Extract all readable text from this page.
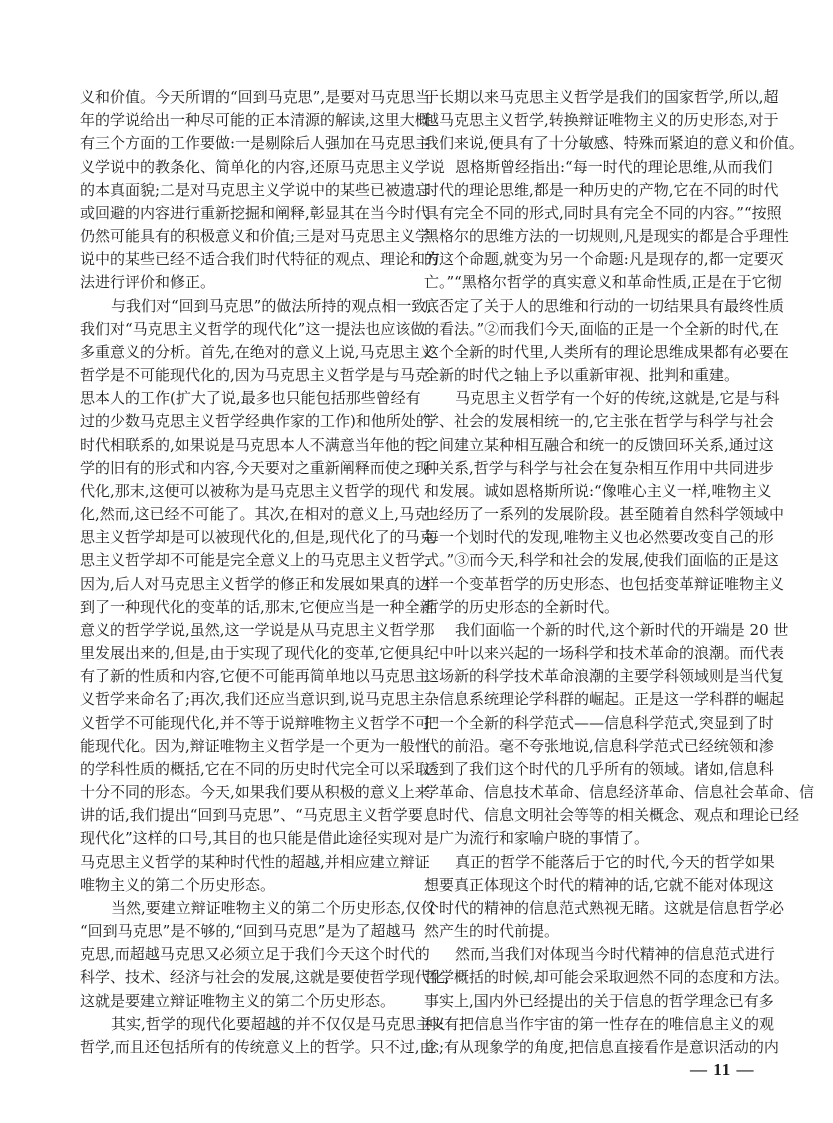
义和价值。今天所谓的“回到马克思”,是要对马克思当
年的学说给出一种尽可能的正本清源的解读,这里大概
有三个方面的工作要做:一是剔除后人强加在马克思主
义学说中的教条化、简单化的内容,还原马克思主义学说
的本真面貌;二是对马克思主义学说中的某些已被遗忘
或回避的内容进行重新挖掘和阐释,彰显其在当今时代
仍然可能具有的积极意义和价值;三是对马克思主义学
说中的某些已经不适合我们时代特征的观点、理论和方
法进行评价和修正。
与我们对“回到马克思”的做法所持的观点相一致,
我们对“马克思主义哲学的现代化”这一提法也应该做
多重意义的分析。首先,在绝对的意义上说,马克思主义
哲学是不可能现代化的,因为马克思主义哲学是与马克
思本人的工作(扩大了说,最多也只能包括那些曾经有
过的少数马克思主义哲学经典作家的工作)和他所处的
时代相联系的,如果说是马克思本人不满意当年他的哲
学的旧有的形式和内容,今天要对之重新阐释而使之现
代化,那末,这便可以被称为是马克思主义哲学的现代
化,然而,这已经不可能了。其次,在相对的意义上,马克
思主义哲学却是可以被现代化的,但是,现代化了的马克
思主义哲学却不可能是完全意义上的马克思主义哲学,
因为,后人对马克思主义哲学的修正和发展如果真的达
到了一种现代化的变革的话,那末,它便应当是一种全新
意义的哲学学说,虽然,这一学说是从马克思主义哲学那
里发展出来的,但是,由于实现了现代化的变革,它便具
有了新的性质和内容,它便不可能再简单地以马克思主
义哲学来命名了;再次,我们还应当意识到,说马克思主
义哲学不可能现代化,并不等于说辩唯物主义哲学不可
能现代化。因为,辩证唯物主义哲学是一个更为一般性
的学科性质的概括,它在不同的历史时代完全可以采取
十分不同的形态。今天,如果我们要从积极的意义上来
讲的话,我们提出“回到马克思”、“马克思主义哲学要
现代化”这样的口号,其目的也只能是借此途径实现对
马克思主义哲学的某种时代性的超越,并相应建立辩证
唯物主义的第二个历史形态。
当然,要建立辩证唯物主义的第二个历史形态,仅仅
“回到马克思”是不够的,“回到马克思”是为了超越马
克思,而超越马克思又必须立足于我们今天这个时代的
科学、技术、经济与社会的发展,这就是要使哲学现代化,
这就是要建立辩证唯物主义的第二个历史形态。
其实,哲学的现代化要超越的并不仅仅是马克思主义
哲学,而且还包括所有的传统意义上的哲学。只不过,由
于长期以来马克思主义哲学是我们的国家哲学,所以,超
越马克思主义哲学,转换辩证唯物主义的历史形态,对于
我们来说,便具有了十分敏感、特殊而紧迫的意义和价值。
恩格斯曾经指出:“每一时代的理论思维,从而我们
时代的理论思维,都是一种历史的产物,它在不同的时代
具有完全不同的形式,同时具有完全不同的内容。”“按照
黑格尔的思维方法的一切规则,凡是现实的都是合乎理性
的这个命题,就变为另一个命题:凡是现存的,都一定要灭
亡。”“黑格尔哲学的真实意义和革命性质,正是在于它彻
底否定了关于人的思维和行动的一切结果具有最终性质
的看法。”②而我们今天,面临的正是一个全新的时代,在
这个全新的时代里,人类所有的理论思维成果都有必要在
全新的时代之轴上予以重新审视、批判和重建。
马克思主义哲学有一个好的传统,这就是,它是与科
学、社会的发展相统一的,它主张在哲学与科学与社会
之间建立某种相互融合和统一的反馈回环关系,通过这
种关系,哲学与科学与社会在复杂相互作用中共同进步
和发展。诚如恩格斯所说:“像唯心主义一样,唯物主义
也经历了一系列的发展阶段。甚至随着自然科学领域中
每一个划时代的发现,唯物主义也必然要改变自己的形
式。”③而今天,科学和社会的发展,使我们面临的正是这
样一个变革哲学的历史形态、也包括变革辩证唯物主义
哲学的历史形态的全新时代。
我们面临一个新的时代,这个新时代的开端是 20 世
纪中叶以来兴起的一场科学和技术革命的浪潮。而代表
这场新的科学技术革命浪潮的主要学科领域则是当代复
杂信息系统理论学科群的崛起。正是这一学科群的崛起
把一个全新的科学范式——信息科学范式,突显到了时
代的前沿。毫不夸张地说,信息科学范式已经统领和渗
透到了我们这个时代的几乎所有的领域。诸如,信息科
学革命、信息技术革命、信息经济革命、信息社会革命、信
息时代、信息文明社会等等的相关概念、观点和理论已经
是广为流行和家喻户晓的事情了。
真正的哲学不能落后于它的时代,今天的哲学如果
想要真正体现这个时代的精神的话,它就不能对体现这
个时代的精神的信息范式熟视无睹。这就是信息哲学必
然产生的时代前提。
然而,当我们对体现当今时代精神的信息范式进行
哲学概括的时候,却可能会采取迥然不同的态度和方法。
事实上,国内外已经提出的关于信息的哲学理念已有多
种:有把信息当作宇宙的第一性存在的唯信息主义的观
念;有从现象学的角度,把信息直接看作是意识活动的内
— 11 —
